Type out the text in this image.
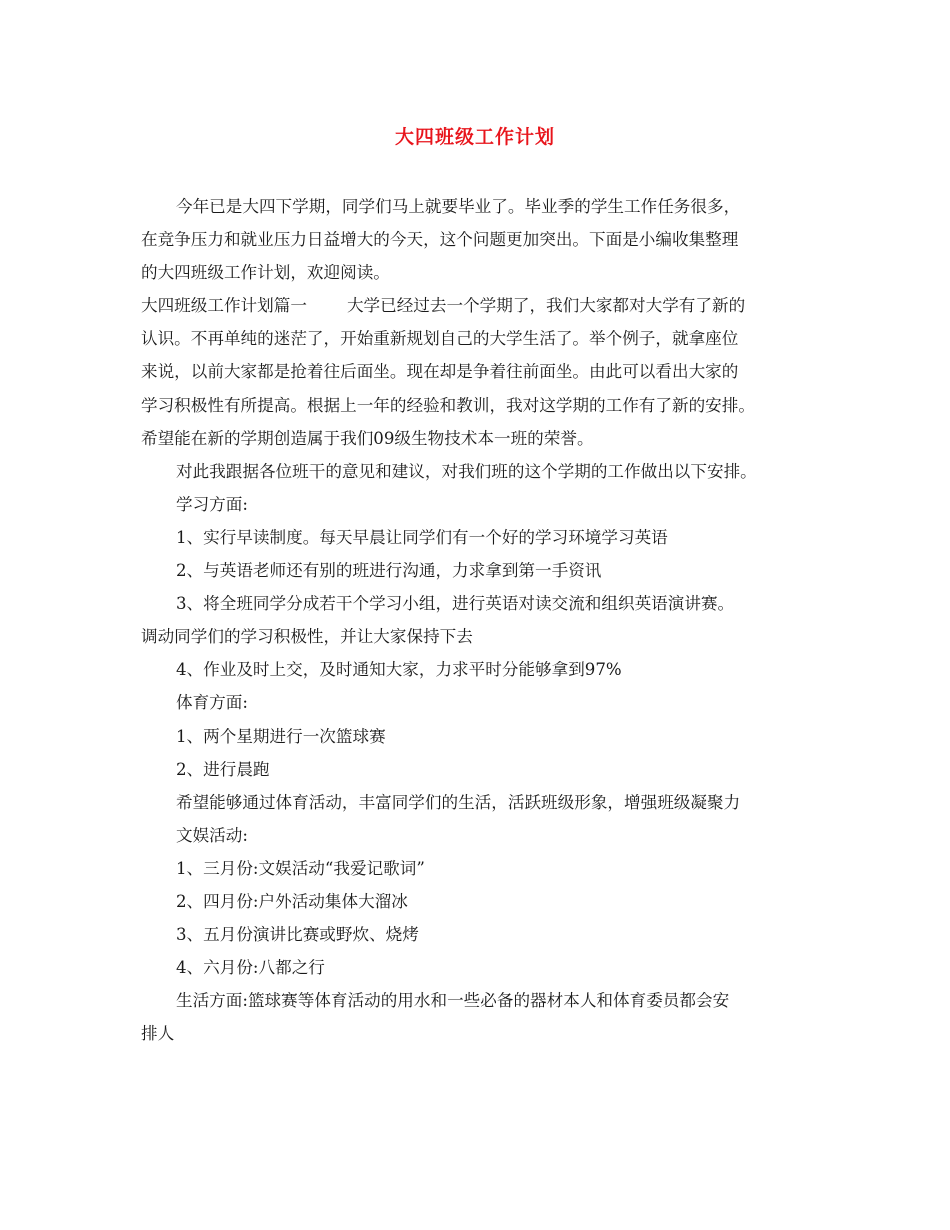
大四班级工作计划
今年已是大四下学期，同学们马上就要毕业了。毕业季的学生工作任务很多，
在竞争压力和就业压力日益增大的今天，这个问题更加突出。下面是小编收集整理
的大四班级工作计划，欢迎阅读。
大四班级工作计划篇一 大学已经过去一个学期了，我们大家都对大学有了新的
认识。不再单纯的迷茫了，开始重新规划自己的大学生活了。举个例子，就拿座位
来说，以前大家都是抢着往后面坐。现在却是争着往前面坐。由此可以看出大家的
学习积极性有所提高。根据上一年的经验和教训，我对这学期的工作有了新的安排。
希望能在新的学期创造属于我们09级生物技术本一班的荣誉。
对此我跟据各位班干的意见和建议，对我们班的这个学期的工作做出以下安排。
学习方面:
1、实行早读制度。每天早晨让同学们有一个好的学习环境学习英语
2、与英语老师还有别的班进行沟通，力求拿到第一手资讯
3、将全班同学分成若干个学习小组，进行英语对读交流和组织英语演讲赛。
调动同学们的学习积极性，并让大家保持下去
4、作业及时上交，及时通知大家，力求平时分能够拿到97%
体育方面:
1、两个星期进行一次篮球赛
2、进行晨跑
希望能够通过体育活动，丰富同学们的生活，活跃班级形象，增强班级凝聚力
文娱活动:
1、三月份:文娱活动“我爱记歌词”
2、四月份:户外活动集体大溜冰
3、五月份演讲比赛或野炊、烧烤
4、六月份:八都之行
生活方面:篮球赛等体育活动的用水和一些必备的器材本人和体育委员都会安
排人
